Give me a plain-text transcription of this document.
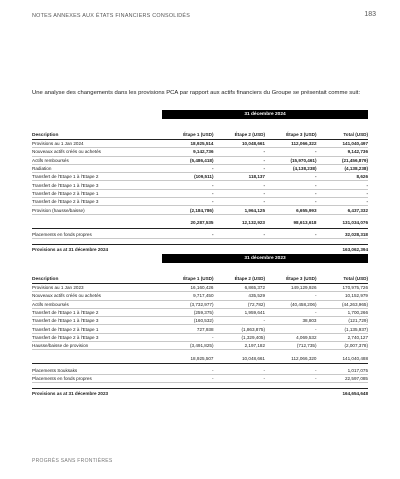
NOTES ANNEXES AUX ÉTATS FINANCIERS CONSOLIDÉS	183
Une analyse des changements dans les provisions PCA par rapport aux actifs financiers du Groupe se présentait comme suit:
31 décembre 2024
Description	Étape 1 (USD)	Étape 2 (USD)	Étape 3 (USD)	Total (USD)
Provisions au 1 Jan 2024	18,925,514	10,048,661	112,066,322	141,040,497
Nouveaux actifs créés ou achetés	9,142,736	-	-	9,142,736
Actifs remboursés	(5,486,418)	-	(15,970,461)	(21,456,879)
Radiation	-	-	(4,138,238)	(4,138,238)
Transfert de l'Etape 1 à l'Etape 2	(109,511)	118,137	-	8,626
Transfert de l'Etape 1 à l'Etape 3	-	-	-	-
Transfert de l'Etape 2 à l'Etape 1	-	-	-	-
Transfert de l'Etape 2 à l'Etape 3	-	-	-	-
Provision (hausse/baisse)	(2,184,786)	1,964,125	6,655,993	6,437,332
20,287,535	12,132,923	98,613,618	131,034,076
Placements en fonds propres	-	-	-	32,028,318
Provisions as at 31 décembre 2024	163,062,394
31 décembre 2023
Description	Étape 1 (USD)	Étape 2 (USD)	Étape 3 (USD)	Total (USD)
Provisions au 1 Jan 2023	16,160,426	6,865,372	149,129,926	170,975,726
Nouveaux actifs créés ou achetés	9,717,450	435,529	-	10,152,979
Actifs remboursés	(3,732,977)	(72,782)	(40,458,206)	(44,263,965)
Transfert de l'Etape 1 à l'Etape 2	(259,375)	1,959,641	-	1,700,266
Transfert de l'Etape 1 à l'Etape 3	(160,532)	-	38,803	(121,729)
Transfert de l'Etape 2 à l'Etape 1	727,938	(1,863,875)	-	(1,135,937)
Transfert de l'Etape 2 à l'Etape 3	-	(1,329,405)	4,069,532	2,740,127
Hausse/baisse de provision	(3,491,825)	2,197,182	(712,735)	(2,007,378)
18,925,507	10,048,661	112,066,320	141,040,488
Placements Souksaks	-	-	-	1,017,075
Placements en fonds propres	-	-	-	22,597,085
Provisions as at 31 décembre 2023	164,654,648
PROGRÈS SANS FRONTIÈRES
